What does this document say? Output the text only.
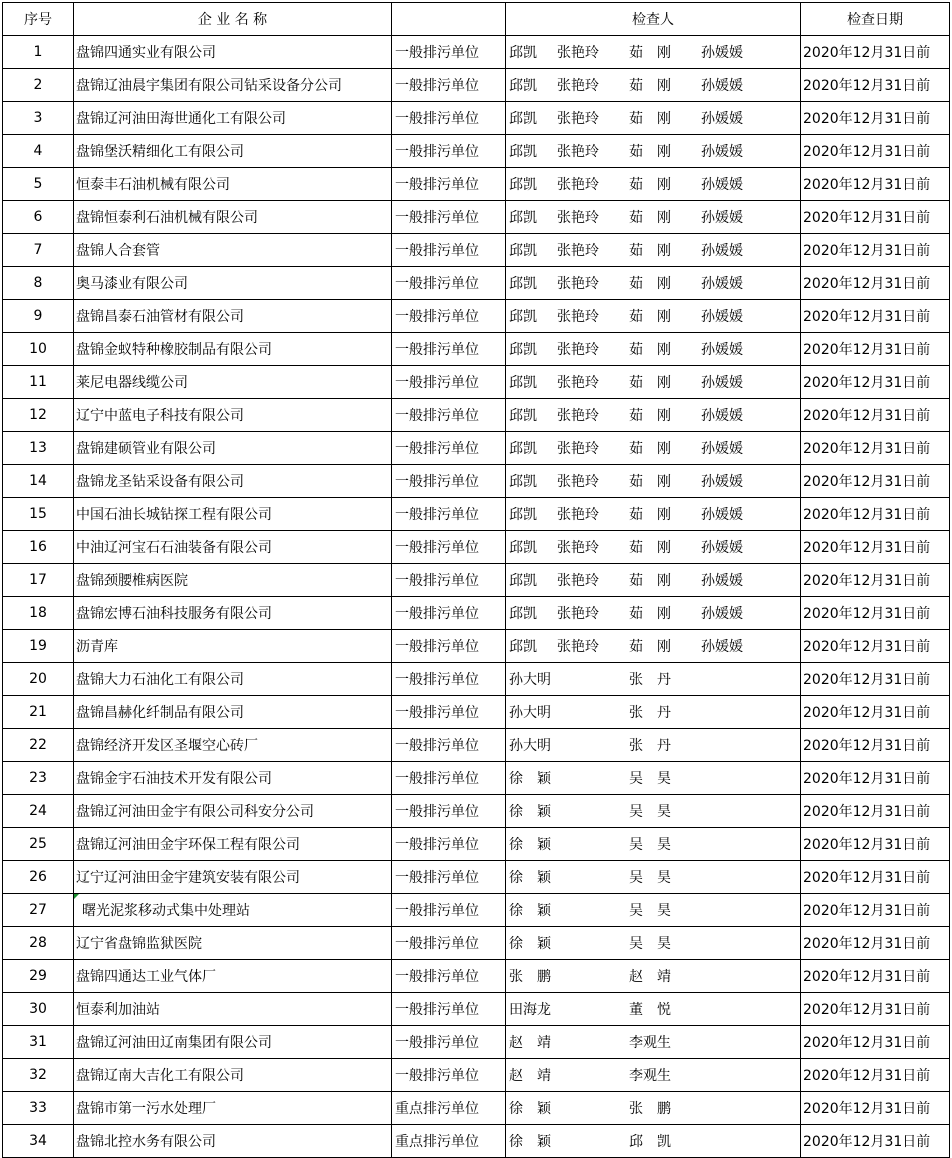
序号	企 业 名 称		检查人	检查日期
1	盘锦四通实业有限公司	一般排污单位	邱凯 张艳玲 茹　刚 孙媛媛	2020年12月31日前
2	盘锦辽油晨宇集团有限公司钻采设备分公司	一般排污单位	邱凯 张艳玲 茹　刚 孙媛媛	2020年12月31日前
3	盘锦辽河油田海世通化工有限公司	一般排污单位	邱凯 张艳玲 茹　刚 孙媛媛	2020年12月31日前
4	盘锦堡沃精细化工有限公司	一般排污单位	邱凯 张艳玲 茹　刚 孙媛媛	2020年12月31日前
5	恒泰丰石油机械有限公司	一般排污单位	邱凯 张艳玲 茹　刚 孙媛媛	2020年12月31日前
6	盘锦恒泰利石油机械有限公司	一般排污单位	邱凯 张艳玲 茹　刚 孙媛媛	2020年12月31日前
7	盘锦人合套管	一般排污单位	邱凯 张艳玲 茹　刚 孙媛媛	2020年12月31日前
8	奥马漆业有限公司	一般排污单位	邱凯 张艳玲 茹　刚 孙媛媛	2020年12月31日前
9	盘锦昌泰石油管材有限公司	一般排污单位	邱凯 张艳玲 茹　刚 孙媛媛	2020年12月31日前
10	盘锦金蚁特种橡胶制品有限公司	一般排污单位	邱凯 张艳玲 茹　刚 孙媛媛	2020年12月31日前
11	莱尼电器线缆公司	一般排污单位	邱凯 张艳玲 茹　刚 孙媛媛	2020年12月31日前
12	辽宁中蓝电子科技有限公司	一般排污单位	邱凯 张艳玲 茹　刚 孙媛媛	2020年12月31日前
13	盘锦建硕管业有限公司	一般排污单位	邱凯 张艳玲 茹　刚 孙媛媛	2020年12月31日前
14	盘锦龙圣钻采设备有限公司	一般排污单位	邱凯 张艳玲 茹　刚 孙媛媛	2020年12月31日前
15	中国石油长城钻探工程有限公司	一般排污单位	邱凯 张艳玲 茹　刚 孙媛媛	2020年12月31日前
16	中油辽河宝石石油装备有限公司	一般排污单位	邱凯 张艳玲 茹　刚 孙媛媛	2020年12月31日前
17	盘锦颈腰椎病医院	一般排污单位	邱凯 张艳玲 茹　刚 孙媛媛	2020年12月31日前
18	盘锦宏博石油科技服务有限公司	一般排污单位	邱凯 张艳玲 茹　刚 孙媛媛	2020年12月31日前
19	沥青库	一般排污单位	邱凯 张艳玲 茹　刚 孙媛媛	2020年12月31日前
20	盘锦大力石油化工有限公司	一般排污单位	孙大明 张　丹	2020年12月31日前
21	盘锦昌赫化纤制品有限公司	一般排污单位	孙大明 张　丹	2020年12月31日前
22	盘锦经济开发区圣堰空心砖厂	一般排污单位	孙大明 张　丹	2020年12月31日前
23	盘锦金宇石油技术开发有限公司	一般排污单位	徐　颖 吴　昊	2020年12月31日前
24	盘锦辽河油田金宇有限公司科安分公司	一般排污单位	徐　颖 吴　昊	2020年12月31日前
25	盘锦辽河油田金宇环保工程有限公司	一般排污单位	徐　颖 吴　昊	2020年12月31日前
26	辽宁辽河油田金宇建筑安装有限公司	一般排污单位	徐　颖 吴　昊	2020年12月31日前
27	曙光泥浆移动式集中处理站	一般排污单位	徐　颖 吴　昊	2020年12月31日前
28	辽宁省盘锦监狱医院	一般排污单位	徐　颖 吴　昊	2020年12月31日前
29	盘锦四通达工业气体厂	一般排污单位	张　鹏 赵　靖	2020年12月31日前
30	恒泰利加油站	一般排污单位	田海龙 董　悦	2020年12月31日前
31	盘锦辽河油田辽南集团有限公司	一般排污单位	赵　靖 李观生	2020年12月31日前
32	盘锦辽南大吉化工有限公司	一般排污单位	赵　靖 李观生	2020年12月31日前
33	盘锦市第一污水处理厂	重点排污单位	徐　颖 张　鹏	2020年12月31日前
34	盘锦北控水务有限公司	重点排污单位	徐　颖 邱　凯	2020年12月31日前
